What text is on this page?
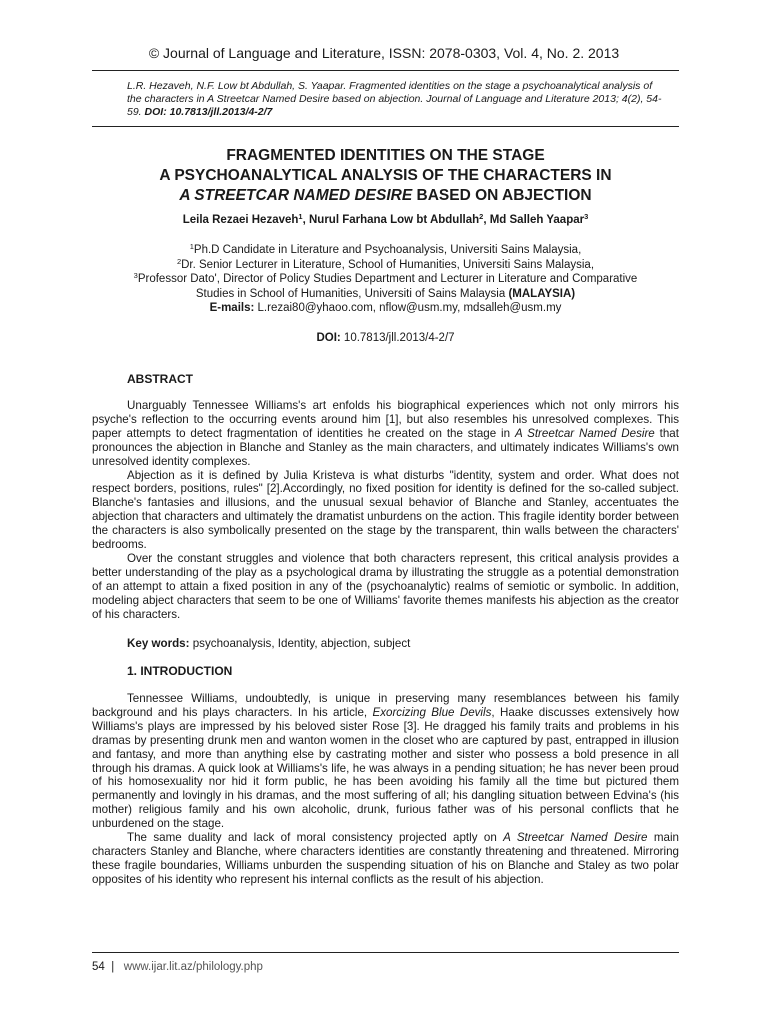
© Journal of Language and Literature, ISSN: 2078-0303, Vol. 4, No. 2. 2013
L.R. Hezaveh, N.F. Low bt Abdullah, S. Yaapar. Fragmented identities on the stage a psychoanalytical analysis of the characters in A Streetcar Named Desire based on abjection. Journal of Language and Literature 2013; 4(2), 54-59. DOI: 10.7813/jll.2013/4-2/7
FRAGMENTED IDENTITIES ON THE STAGE
A PSYCHOANALYTICAL ANALYSIS OF THE CHARACTERS IN
A STREETCAR NAMED DESIRE BASED ON ABJECTION
Leila Rezaei Hezaveh$^1$, Nurul Farhana Low bt Abdullah$^2$, Md Salleh Yaapar$^3$
$^1$Ph.D Candidate in Literature and Psychoanalysis, Universiti Sains Malaysia,
$^2$Dr. Senior Lecturer in Literature, School of Humanities, Universiti Sains Malaysia,
$^3$Professor Dato', Director of Policy Studies Department and Lecturer in Literature and Comparative
Studies in School of Humanities, Universiti of Sains Malaysia (MALAYSIA)
E-mails: L.rezai80@yhaoo.com, nflow@usm.my, mdsalleh@usm.my
DOI: 10.7813/jll.2013/4-2/7
ABSTRACT

Unarguably Tennessee Williams's art enfolds his biographical experiences which not only mirrors his psyche's reflection to the occurring events around him [1], but also resembles his unresolved complexes. This paper attempts to detect fragmentation of identities he created on the stage in A Streetcar Named Desire that pronounces the abjection in Blanche and Stanley as the main characters, and ultimately indicates Williams's own unresolved identity complexes.

Abjection as it is defined by Julia Kristeva is what disturbs "identity, system and order. What does not respect borders, positions, rules" [2].Accordingly, no fixed position for identity is defined for the so-called subject. Blanche's fantasies and illusions, and the unusual sexual behavior of Blanche and Stanley, accentuates the abjection that characters and ultimately the dramatist unburdens on the action. This fragile identity border between the characters is also symbolically presented on the stage by the transparent, thin walls between the characters' bedrooms.

Over the constant struggles and violence that both characters represent, this critical analysis provides a better understanding of the play as a psychological drama by illustrating the struggle as a potential demonstration of an attempt to attain a fixed position in any of the (psychoanalytic) realms of semiotic or symbolic. In addition, modeling abject characters that seem to be one of Williams' favorite themes manifests his abjection as the creator of his characters.

Key words: psychoanalysis, Identity, abjection, subject
1. INTRODUCTION

Tennessee Williams, undoubtedly, is unique in preserving many resemblances between his family background and his plays characters. In his article, Exorcizing Blue Devils, Haake discusses extensively how Williams's plays are impressed by his beloved sister Rose [3]. He dragged his family traits and problems in his dramas by presenting drunk men and wanton women in the closet who are captured by past, entrapped in illusion and fantasy, and more than anything else by castrating mother and sister who possess a bold presence in all through his dramas. A quick look at Williams's life, he was always in a pending situation; he has never been proud of his homosexuality nor hid it form public, he has been avoiding his family all the time but pictured them permanently and lovingly in his dramas, and the most suffering of all; his dangling situation between Edvina's (his mother) religious family and his own alcoholic, drunk, furious father was of his personal conflicts that he unburdened on the stage.

The same duality and lack of moral consistency projected aptly on A Streetcar Named Desire main characters Stanley and Blanche, where characters identities are constantly threatening and threatened. Mirroring these fragile boundaries, Williams unburden the suspending situation of his on Blanche and Staley as two polar opposites of his identity who represent his internal conflicts as the result of his abjection.

54 | www.ijar.lit.az/philology.php
